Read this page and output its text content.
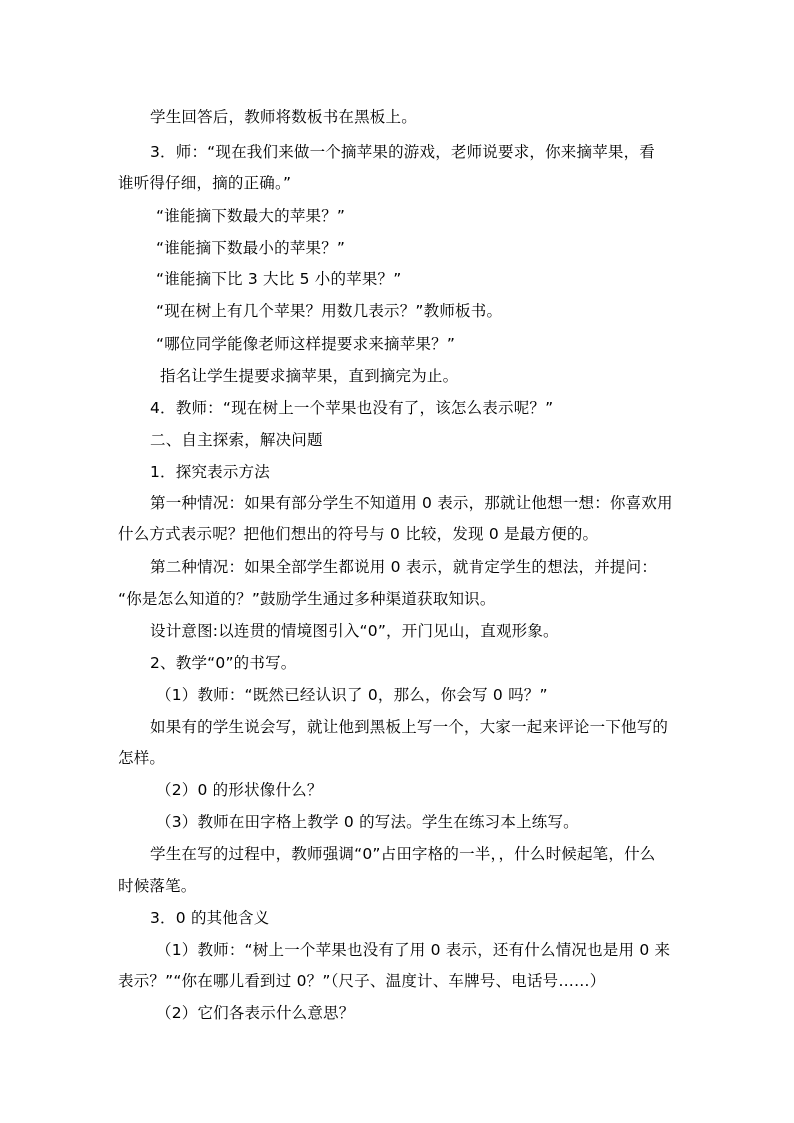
学生回答后，教师将数板书在黑板上。

3．师：“现在我们来做一个摘苹果的游戏，老师说要求，你来摘苹果，看

谁听得仔细，摘的正确。”

“谁能摘下数最大的苹果？”

“谁能摘下数最小的苹果？”

“谁能摘下比 3 大比 5 小的苹果？”

“现在树上有几个苹果？用数几表示？”教师板书。

“哪位同学能像老师这样提要求来摘苹果？”

指名让学生提要求摘苹果，直到摘完为止。

4．教师：“现在树上一个苹果也没有了，该怎么表示呢？”

二、自主探索，解决问题

1．探究表示方法

第一种情况：如果有部分学生不知道用 0 表示，那就让他想一想：你喜欢用

什么方式表示呢？把他们想出的符号与 0 比较，发现 0 是最方便的。

第二种情况：如果全部学生都说用 0 表示，就肯定学生的想法，并提问：

“你是怎么知道的？”鼓励学生通过多种渠道获取知识。

设计意图:以连贯的情境图引入“0”，开门见山，直观形象。

2、教学“0”的书写。

（1）教师：“既然已经认识了 0，那么，你会写 0 吗？”

如果有的学生说会写，就让他到黑板上写一个，大家一起来评论一下他写的

怎样。

（2）0 的形状像什么？

（3）教师在田字格上教学 0 的写法。学生在练习本上练写。

学生在写的过程中，教师强调“0”占田字格的一半，，什么时候起笔，什么

时候落笔。

3．0 的其他含义

（1）教师：“树上一个苹果也没有了用 0 表示，还有什么情况也是用 0 来

表示？”“你在哪儿看到过 0？”（尺子、温度计、车牌号、电话号……）

（2）它们各表示什么意思？
